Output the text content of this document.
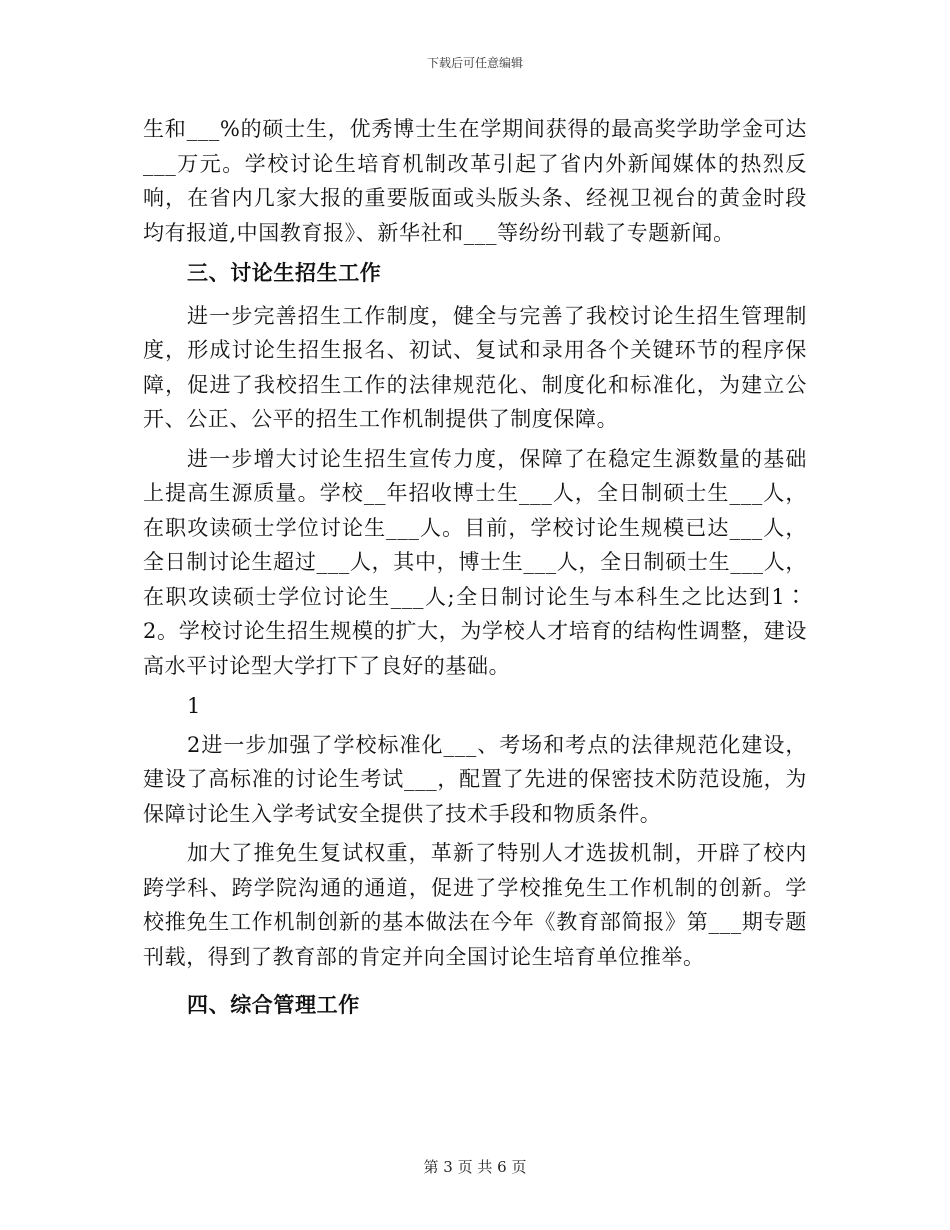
下载后可任意编辑

生和___%的硕士生，优秀博士生在学期间获得的最高奖学助学金可达___万元。学校讨论生培育机制改革引起了省内外新闻媒体的热烈反响，在省内几家大报的重要版面或头版头条、经视卫视台的黄金时段均有报道,中国教育报》、新华社和___等纷纷刊载了专题新闻。

三、讨论生招生工作

进一步完善招生工作制度，健全与完善了我校讨论生招生管理制度，形成讨论生招生报名、初试、复试和录用各个关键环节的程序保障，促进了我校招生工作的法律规范化、制度化和标准化，为建立公开、公正、公平的招生工作机制提供了制度保障。

进一步增大讨论生招生宣传力度，保障了在稳定生源数量的基础上提高生源质量。学校__年招收博士生___人，全日制硕士生___人，在职攻读硕士学位讨论生___人。目前，学校讨论生规模已达___人，全日制讨论生超过___人，其中，博士生___人，全日制硕士生___人，在职攻读硕士学位讨论生___人;全日制讨论生与本科生之比达到1∶2。学校讨论生招生规模的扩大，为学校人才培育的结构性调整，建设高水平讨论型大学打下了良好的基础。

1

2进一步加强了学校标准化___、考场和考点的法律规范化建设，建设了高标准的讨论生考试___，配置了先进的保密技术防范设施，为保障讨论生入学考试安全提供了技术手段和物质条件。

加大了推免生复试权重，革新了特别人才选拔机制，开辟了校内跨学科、跨学院沟通的通道，促进了学校推免生工作机制的创新。学校推免生工作机制创新的基本做法在今年《教育部简报》第___期专题刊载，得到了教育部的肯定并向全国讨论生培育单位推举。

四、综合管理工作

第 3 页 共 6 页
